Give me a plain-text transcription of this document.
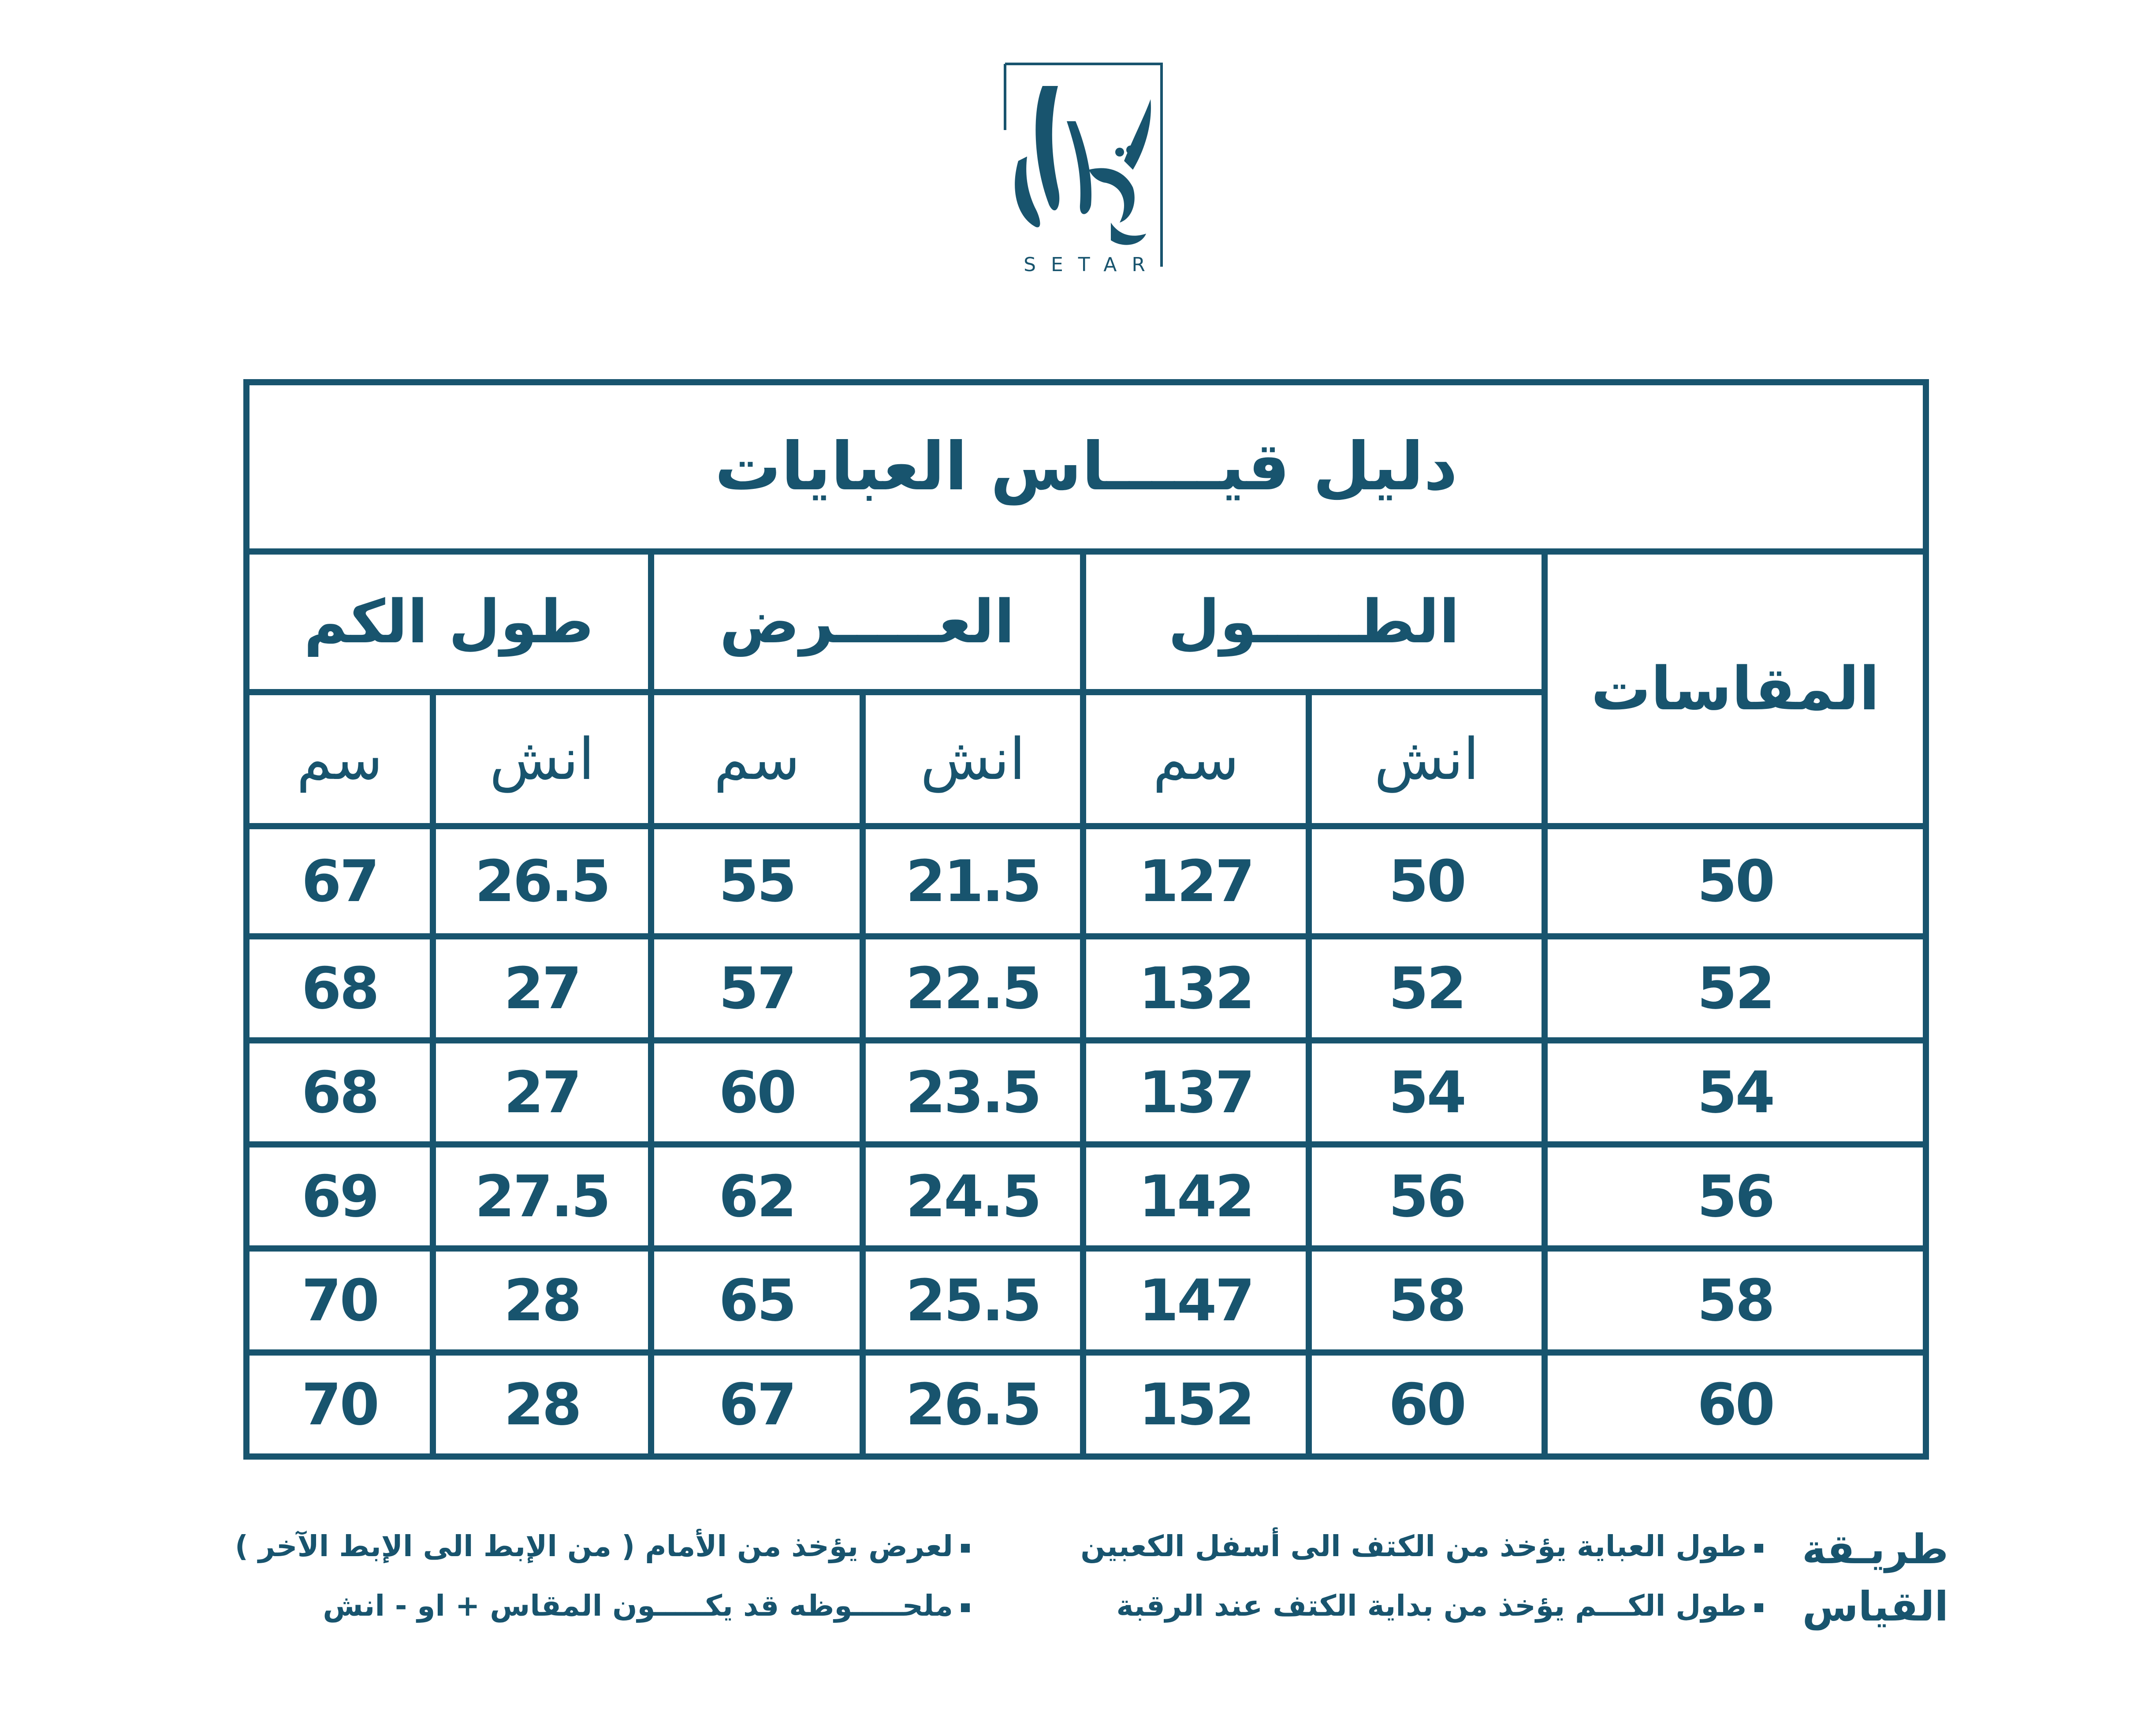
SETAR
دليل قيـــــاس العبايات						
المقاسات	الطـــــول		العـــــرض		طول الكم	
	انش	سم	انش	سم	انش	سم
50	50	127	21.5	55	26.5	67
52	52	132	22.5	57	27	68
54	54	137	23.5	60	27	68
56	56	142	24.5	62	27.5	69
58	58	147	25.5	65	28	70
60	60	152	26.5	67	28	70
طريـقة
القياس
طول العباية يؤخذ من الكتف الى أسفل الكعبين
طول الكـــم يؤخذ من بداية الكتف عند الرقبة
لعرض يؤخذ من الأمام ( من الإبط الى الإبط الآخر )
ملحـــــوظه قد يكـــــون المقاس + او - انش
